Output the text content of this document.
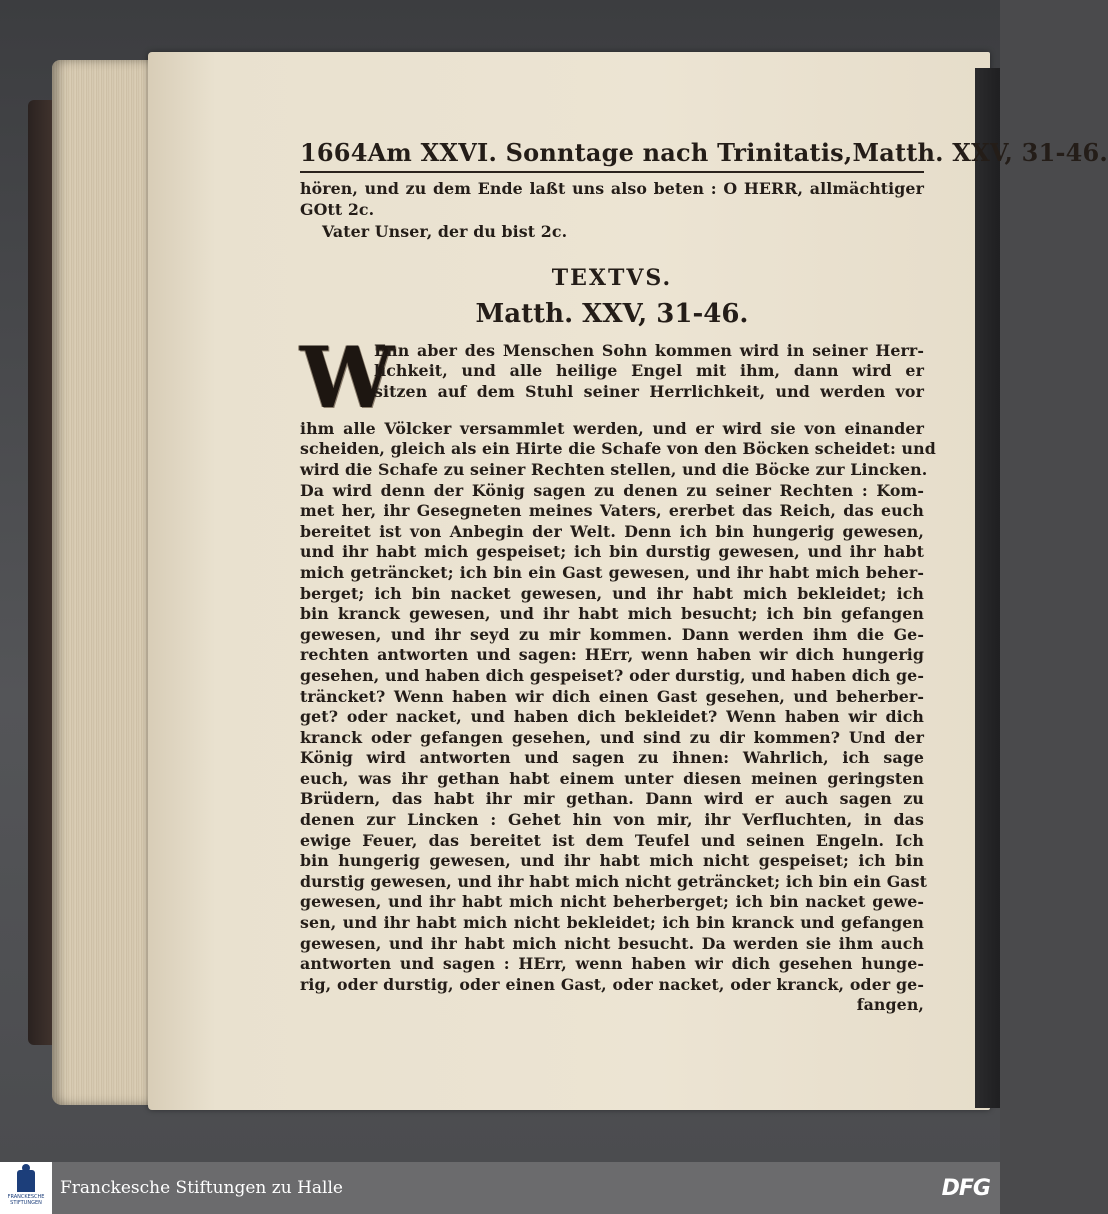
1664 Am XXVI. Sonntage nach Trinitatis, Matth. XXV, 31-46.
hören, und zu dem Ende laßt uns also beten : O HERR, allmächtiger
GOtt 2c.
Vater Unser, der du bist 2c.
TEXTVS.
Matth. XXV, 31-46.
W
Enn aber des Menschen Sohn kommen wird in seiner Herr-
lichkeit, und alle heilige Engel mit ihm, dann wird er
sitzen auf dem Stuhl seiner Herrlichkeit, und werden vor
ihm alle Völcker versammlet werden, und er wird sie von einander
scheiden, gleich als ein Hirte die Schafe von den Böcken scheidet: und
wird die Schafe zu seiner Rechten stellen, und die Böcke zur Lincken.
Da wird denn der König sagen zu denen zu seiner Rechten : Kom-
met her, ihr Gesegneten meines Vaters, ererbet das Reich, das euch
bereitet ist von Anbegin der Welt. Denn ich bin hungerig gewesen,
und ihr habt mich gespeiset; ich bin durstig gewesen, und ihr habt
mich geträncket; ich bin ein Gast gewesen, und ihr habt mich beher-
berget; ich bin nacket gewesen, und ihr habt mich bekleidet; ich
bin kranck gewesen, und ihr habt mich besucht; ich bin gefangen
gewesen, und ihr seyd zu mir kommen. Dann werden ihm die Ge-
rechten antworten und sagen: HErr, wenn haben wir dich hungerig
gesehen, und haben dich gespeiset? oder durstig, und haben dich ge-
träncket? Wenn haben wir dich einen Gast gesehen, und beherber-
get? oder nacket, und haben dich bekleidet? Wenn haben wir dich
kranck oder gefangen gesehen, und sind zu dir kommen? Und der
König wird antworten und sagen zu ihnen: Wahrlich, ich sage
euch, was ihr gethan habt einem unter diesen meinen geringsten
Brüdern, das habt ihr mir gethan. Dann wird er auch sagen zu
denen zur Lincken : Gehet hin von mir, ihr Verfluchten, in das
ewige Feuer, das bereitet ist dem Teufel und seinen Engeln. Ich
bin hungerig gewesen, und ihr habt mich nicht gespeiset; ich bin
durstig gewesen, und ihr habt mich nicht geträncket; ich bin ein Gast
gewesen, und ihr habt mich nicht beherberget; ich bin nacket gewe-
sen, und ihr habt mich nicht bekleidet; ich bin kranck und gefangen
gewesen, und ihr habt mich nicht besucht. Da werden sie ihm auch
antworten und sagen : HErr, wenn haben wir dich gesehen hunge-
rig, oder durstig, oder einen Gast, oder nacket, oder kranck, oder ge-
fangen,
FRANCKESCHE STIFTUNGEN
Franckesche Stiftungen zu Halle	DFG
